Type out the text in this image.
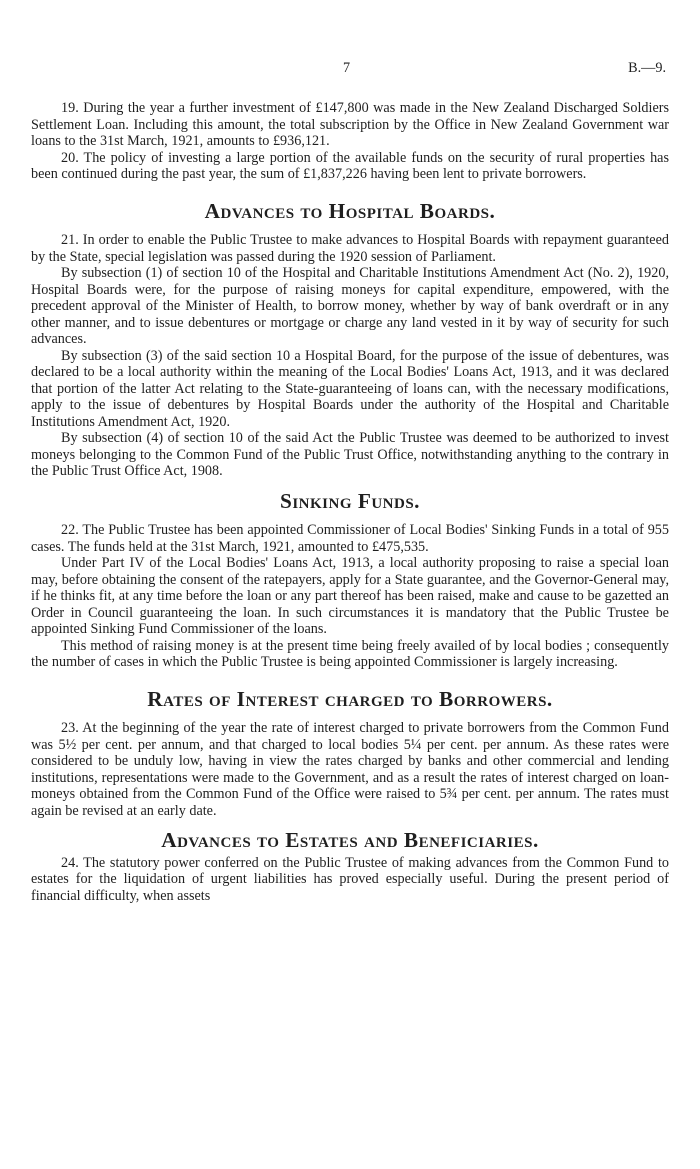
7	B.—9.

19. During the year a further investment of £147,800 was made in the New Zealand Discharged Soldiers Settlement Loan. Including this amount, the total subscription by the Office in New Zealand Government war loans to the 31st March, 1921, amounts to £936,121.

20. The policy of investing a large portion of the available funds on the security of rural properties has been continued during the past year, the sum of £1,837,226 having been lent to private borrowers.

Advances to Hospital Boards.

21. In order to enable the Public Trustee to make advances to Hospital Boards with repayment guaranteed by the State, special legislation was passed during the 1920 session of Parliament.

By subsection (1) of section 10 of the Hospital and Charitable Institutions Amendment Act (No. 2), 1920, Hospital Boards were, for the purpose of raising moneys for capital expenditure, empowered, with the precedent approval of the Minister of Health, to borrow money, whether by way of bank overdraft or in any other manner, and to issue debentures or mortgage or charge any land vested in it by way of security for such advances.

By subsection (3) of the said section 10 a Hospital Board, for the purpose of the issue of debentures, was declared to be a local authority within the meaning of the Local Bodies' Loans Act, 1913, and it was declared that portion of the latter Act relating to the State-guaranteeing of loans can, with the necessary modifications, apply to the issue of debentures by Hospital Boards under the authority of the Hospital and Charitable Institutions Amendment Act, 1920.

By subsection (4) of section 10 of the said Act the Public Trustee was deemed to be authorized to invest moneys belonging to the Common Fund of the Public Trust Office, notwithstanding anything to the contrary in the Public Trust Office Act, 1908.

Sinking Funds.

22. The Public Trustee has been appointed Commissioner of Local Bodies' Sinking Funds in a total of 955 cases. The funds held at the 31st March, 1921, amounted to £475,535.

Under Part IV of the Local Bodies' Loans Act, 1913, a local authority proposing to raise a special loan may, before obtaining the consent of the ratepayers, apply for a State guarantee, and the Governor-General may, if he thinks fit, at any time before the loan or any part thereof has been raised, make and cause to be gazetted an Order in Council guaranteeing the loan. In such circumstances it is mandatory that the Public Trustee be appointed Sinking Fund Commissioner of the loans.

This method of raising money is at the present time being freely availed of by local bodies ; consequently the number of cases in which the Public Trustee is being appointed Commissioner is largely increasing.

Rates of Interest charged to Borrowers.

23. At the beginning of the year the rate of interest charged to private borrowers from the Common Fund was 5½ per cent. per annum, and that charged to local bodies 5¼ per cent. per annum. As these rates were considered to be unduly low, having in view the rates charged by banks and other commercial and lending institutions, representations were made to the Government, and as a result the rates of interest charged on loan-moneys obtained from the Common Fund of the Office were raised to 5¾ per cent. per annum. The rates must again be revised at an early date.

Advances to Estates and Beneficiaries.

24. The statutory power conferred on the Public Trustee of making advances from the Common Fund to estates for the liquidation of urgent liabilities has proved especially useful. During the present period of financial difficulty, when assets
